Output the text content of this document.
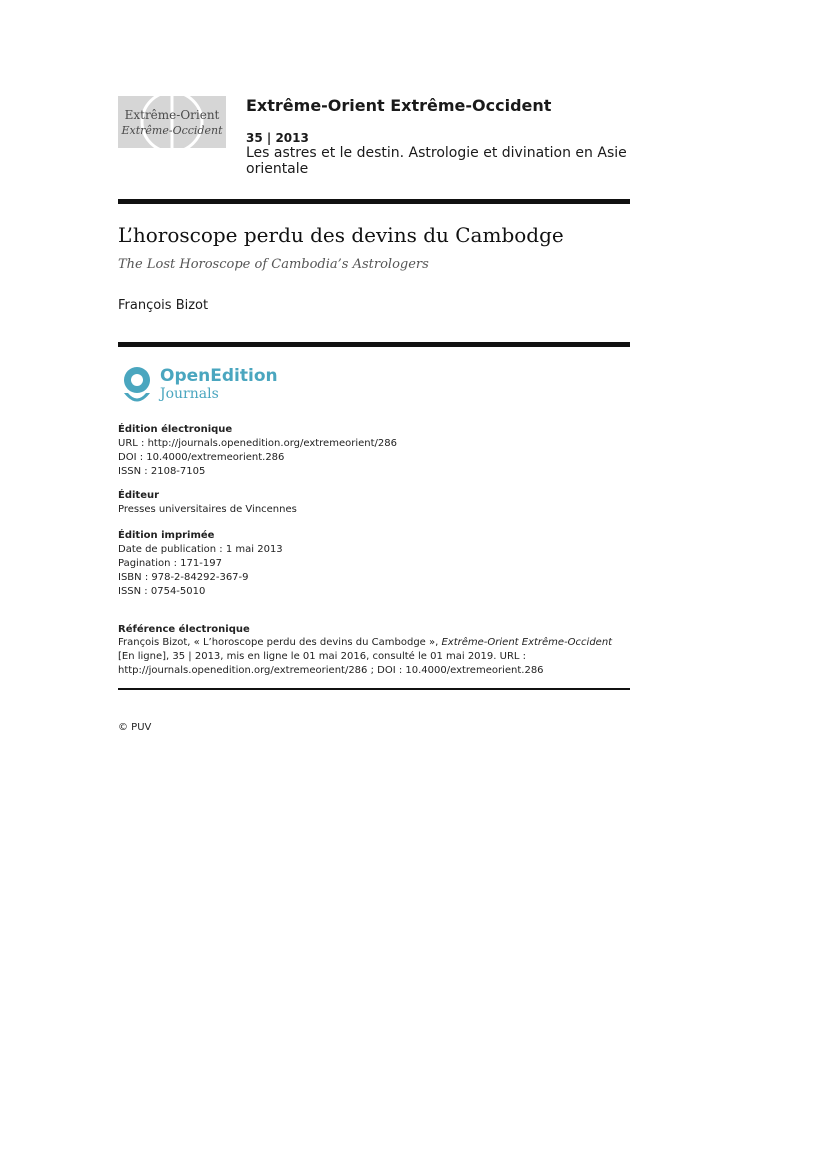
Extrême-Orient
Extrême-Occident
Extrême-Orient Extrême-Occident
35 | 2013
Les astres et le destin. Astrologie et divination en Asie orientale
L’horoscope perdu des devins du Cambodge
The Lost Horoscope of Cambodia’s Astrologers
François Bizot
OpenEdition
Journals
Édition électronique
URL : http://journals.openedition.org/extremeorient/286
DOI : 10.4000/extremeorient.286
ISSN : 2108-7105
Éditeur
Presses universitaires de Vincennes
Édition imprimée
Date de publication : 1 mai 2013
Pagination : 171-197
ISBN : 978-2-84292-367-9
ISSN : 0754-5010
Référence électronique
François Bizot, « L’horoscope perdu des devins du Cambodge », Extrême-Orient Extrême-Occident [En ligne], 35 | 2013, mis en ligne le 01 mai 2016, consulté le 01 mai 2019. URL : http://journals.openedition.org/extremeorient/286 ; DOI : 10.4000/extremeorient.286
© PUV
